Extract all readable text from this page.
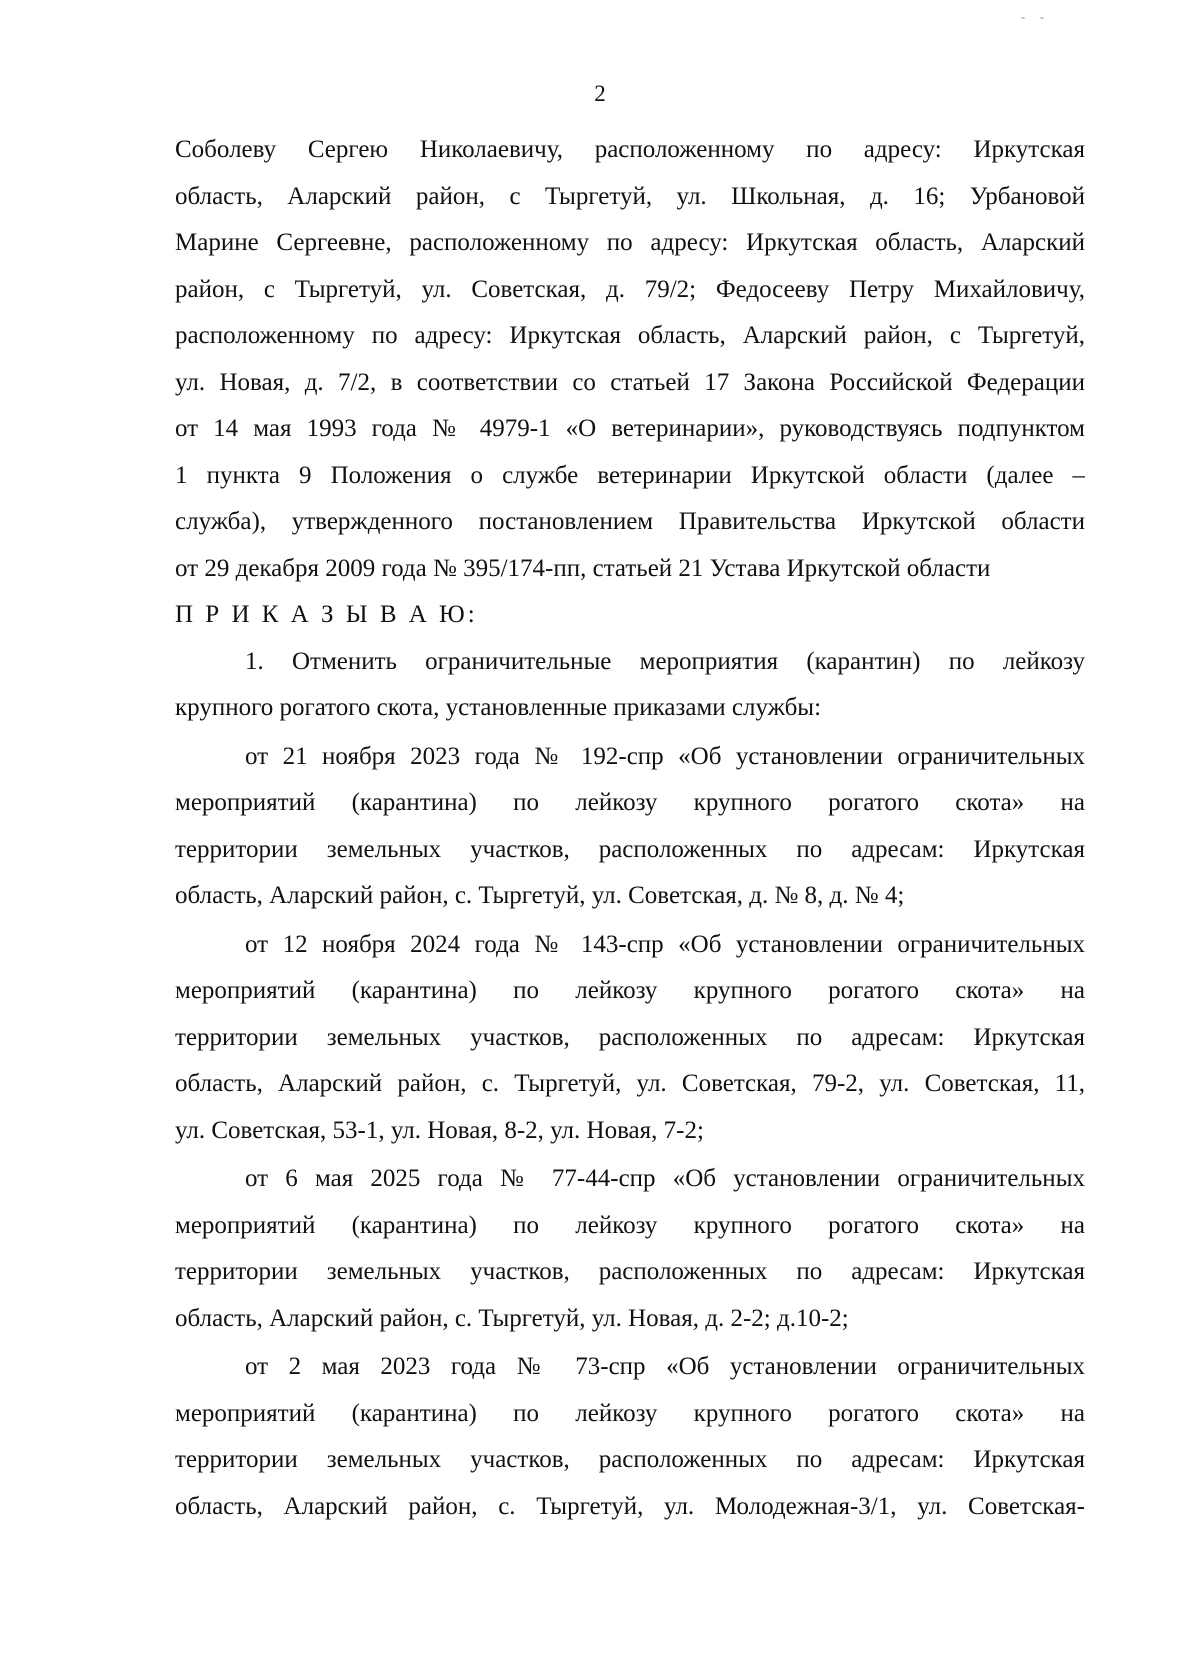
- -
2
Соболеву Сергею Николаевичу, расположенному по адресу: Иркутская
область, Аларский район, с Тыргетуй, ул. Школьная, д. 16; Урбановой
Марине Сергеевне, расположенному по адресу: Иркутская область, Аларский
район, с Тыргетуй, ул. Советская, д. 79/2; Федосееву Петру Михайловичу,
расположенному по адресу: Иркутская область, Аларский район, с Тыргетуй,
ул. Новая, д. 7/2, в соответствии со статьей 17 Закона Российской Федерации
от 14 мая 1993 года № 4979-1 «О ветеринарии», руководствуясь подпунктом
1 пункта 9 Положения о службе ветеринарии Иркутской области (далее –
служба), утвержденного постановлением Правительства Иркутской области
от 29 декабря 2009 года № 395/174-пп, статьей 21 Устава Иркутской области
П Р И К А З Ы В А Ю:
1. Отменить ограничительные мероприятия (карантин) по лейкозу
крупного рогатого скота, установленные приказами службы:
от 21 ноября 2023 года № 192-спр «Об установлении ограничительных
мероприятий (карантина) по лейкозу крупного рогатого скота» на
территории земельных участков, расположенных по адресам: Иркутская
область, Аларский район, с. Тыргетуй, ул. Советская, д. № 8, д. № 4;
от 12 ноября 2024 года № 143-спр «Об установлении ограничительных
мероприятий (карантина) по лейкозу крупного рогатого скота» на
территории земельных участков, расположенных по адресам: Иркутская
область, Аларский район, с. Тыргетуй, ул. Советская, 79-2, ул. Советская, 11,
ул. Советская, 53-1, ул. Новая, 8-2, ул. Новая, 7-2;
от 6 мая 2025 года № 77-44-спр «Об установлении ограничительных
мероприятий (карантина) по лейкозу крупного рогатого скота» на
территории земельных участков, расположенных по адресам: Иркутская
область, Аларский район, с. Тыргетуй, ул. Новая, д. 2-2; д.10-2;
от 2 мая 2023 года № 73-спр «Об установлении ограничительных
мероприятий (карантина) по лейкозу крупного рогатого скота» на
территории земельных участков, расположенных по адресам: Иркутская
область, Аларский район, с. Тыргетуй, ул. Молодежная-3/1, ул. Советская-
